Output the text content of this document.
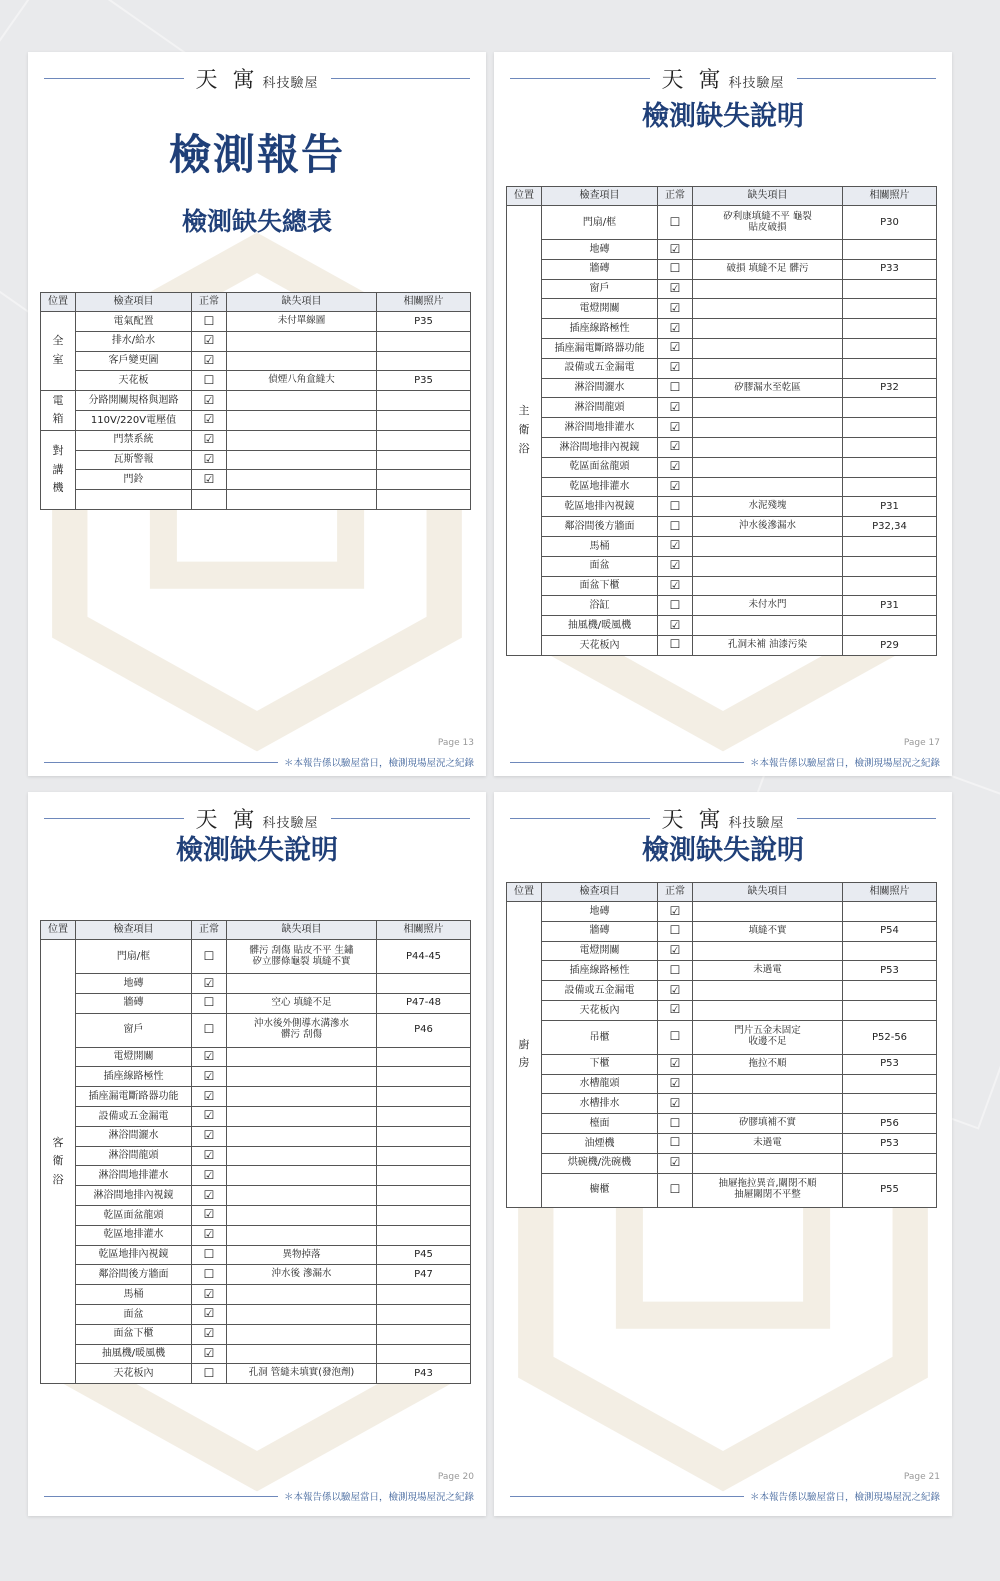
天 寓 科技驗屋
檢測報告
檢測缺失總表
位置	檢查項目	正常	缺失項目	相關照片
全
室	電氣配置	☐	未付單線圖	P35
	排水/給水	☑		
	客戶變更圖	☑		
	天花板	☐	偵煙八角盒縫大	P35
電
箱	分路開關規格與迴路	☑		
	110V/220V電壓值	☑		
對
講
機	門禁系統	☑		
	瓦斯警報	☑		
	門鈴	☑		

Page 13
＊本報告係以驗屋當日，檢測現場屋況之紀錄
天 寓 科技驗屋
檢測缺失說明
位置	檢查項目	正常	缺失項目	相關照片
主
衛
浴	門扇/框	☐	矽利康填縫不平 龜裂
貼皮破損	P30
	地磚	☑		
	牆磚	☐	破損 填縫不足 髒污	P33
	窗戶	☑		
	電燈開關	☑		
	插座線路極性	☑		
	插座漏電斷路器功能	☑		
	設備或五金漏電	☑		
	淋浴間灑水	☐	矽膠漏水至乾區	P32
	淋浴間龍頭	☑		
	淋浴間地排灌水	☑		
	淋浴間地排內視鏡	☑		
	乾區面盆龍頭	☑		
	乾區地排灌水	☑		
	乾區地排內視鏡	☐	水泥殘塊	P31
	鄰浴間後方牆面	☐	沖水後滲漏水	P32,34
	馬桶	☑		
	面盆	☑		
	面盆下櫃	☑		
	浴缸	☐	未付水門	P31
	抽風機/暖風機	☑		
	天花板內	☐	孔洞未補 油漆污染	P29
Page 17
＊本報告係以驗屋當日，檢測現場屋況之紀錄
天 寓 科技驗屋
檢測缺失說明
位置	檢查項目	正常	缺失項目	相關照片
客
衛
浴	門扇/框	☐	髒污 刮傷 貼皮不平 生鏽
矽立膠條龜裂 填縫不實	P44-45
	地磚	☑		
	牆磚	☐	空心 填縫不足	P47-48
	窗戶	☐	沖水後外側導水溝滲水
髒污 刮傷	P46
	電燈開關	☑		
	插座線路極性	☑		
	插座漏電斷路器功能	☑		
	設備或五金漏電	☑		
	淋浴間灑水	☑		
	淋浴間龍頭	☑		
	淋浴間地排灌水	☑		
	淋浴間地排內視鏡	☑		
	乾區面盆龍頭	☑		
	乾區地排灌水	☑		
	乾區地排內視鏡	☐	異物掉落	P45
	鄰浴間後方牆面	☐	沖水後 滲漏水	P47
	馬桶	☑		
	面盆	☑		
	面盆下櫃	☑		
	抽風機/暖風機	☑		
	天花板內	☐	孔洞 管縫未填實(發泡劑)	P43
Page 20
＊本報告係以驗屋當日，檢測現場屋況之紀錄
天 寓 科技驗屋
檢測缺失說明
位置	檢查項目	正常	缺失項目	相關照片
廚
房	地磚	☑		
	牆磚	☐	填縫不實	P54
	電燈開關	☑		
	插座線路極性	☐	未過電	P53
	設備或五金漏電	☑		
	天花板內	☑		
	吊櫃	☐	門片五金未固定
收邊不足	P52-56
	下櫃	☑	拖拉不順	P53
	水槽龍頭	☑		
	水槽排水	☑		
	檯面	☐	矽膠填補不實	P56
	油煙機	☐	未過電	P53
	烘碗機/洗碗機	☑		
	櫥櫃	☐	抽屜拖拉異音,關閉不順
抽屜關閉不平整	P55
Page 21
＊本報告係以驗屋當日，檢測現場屋況之紀錄
